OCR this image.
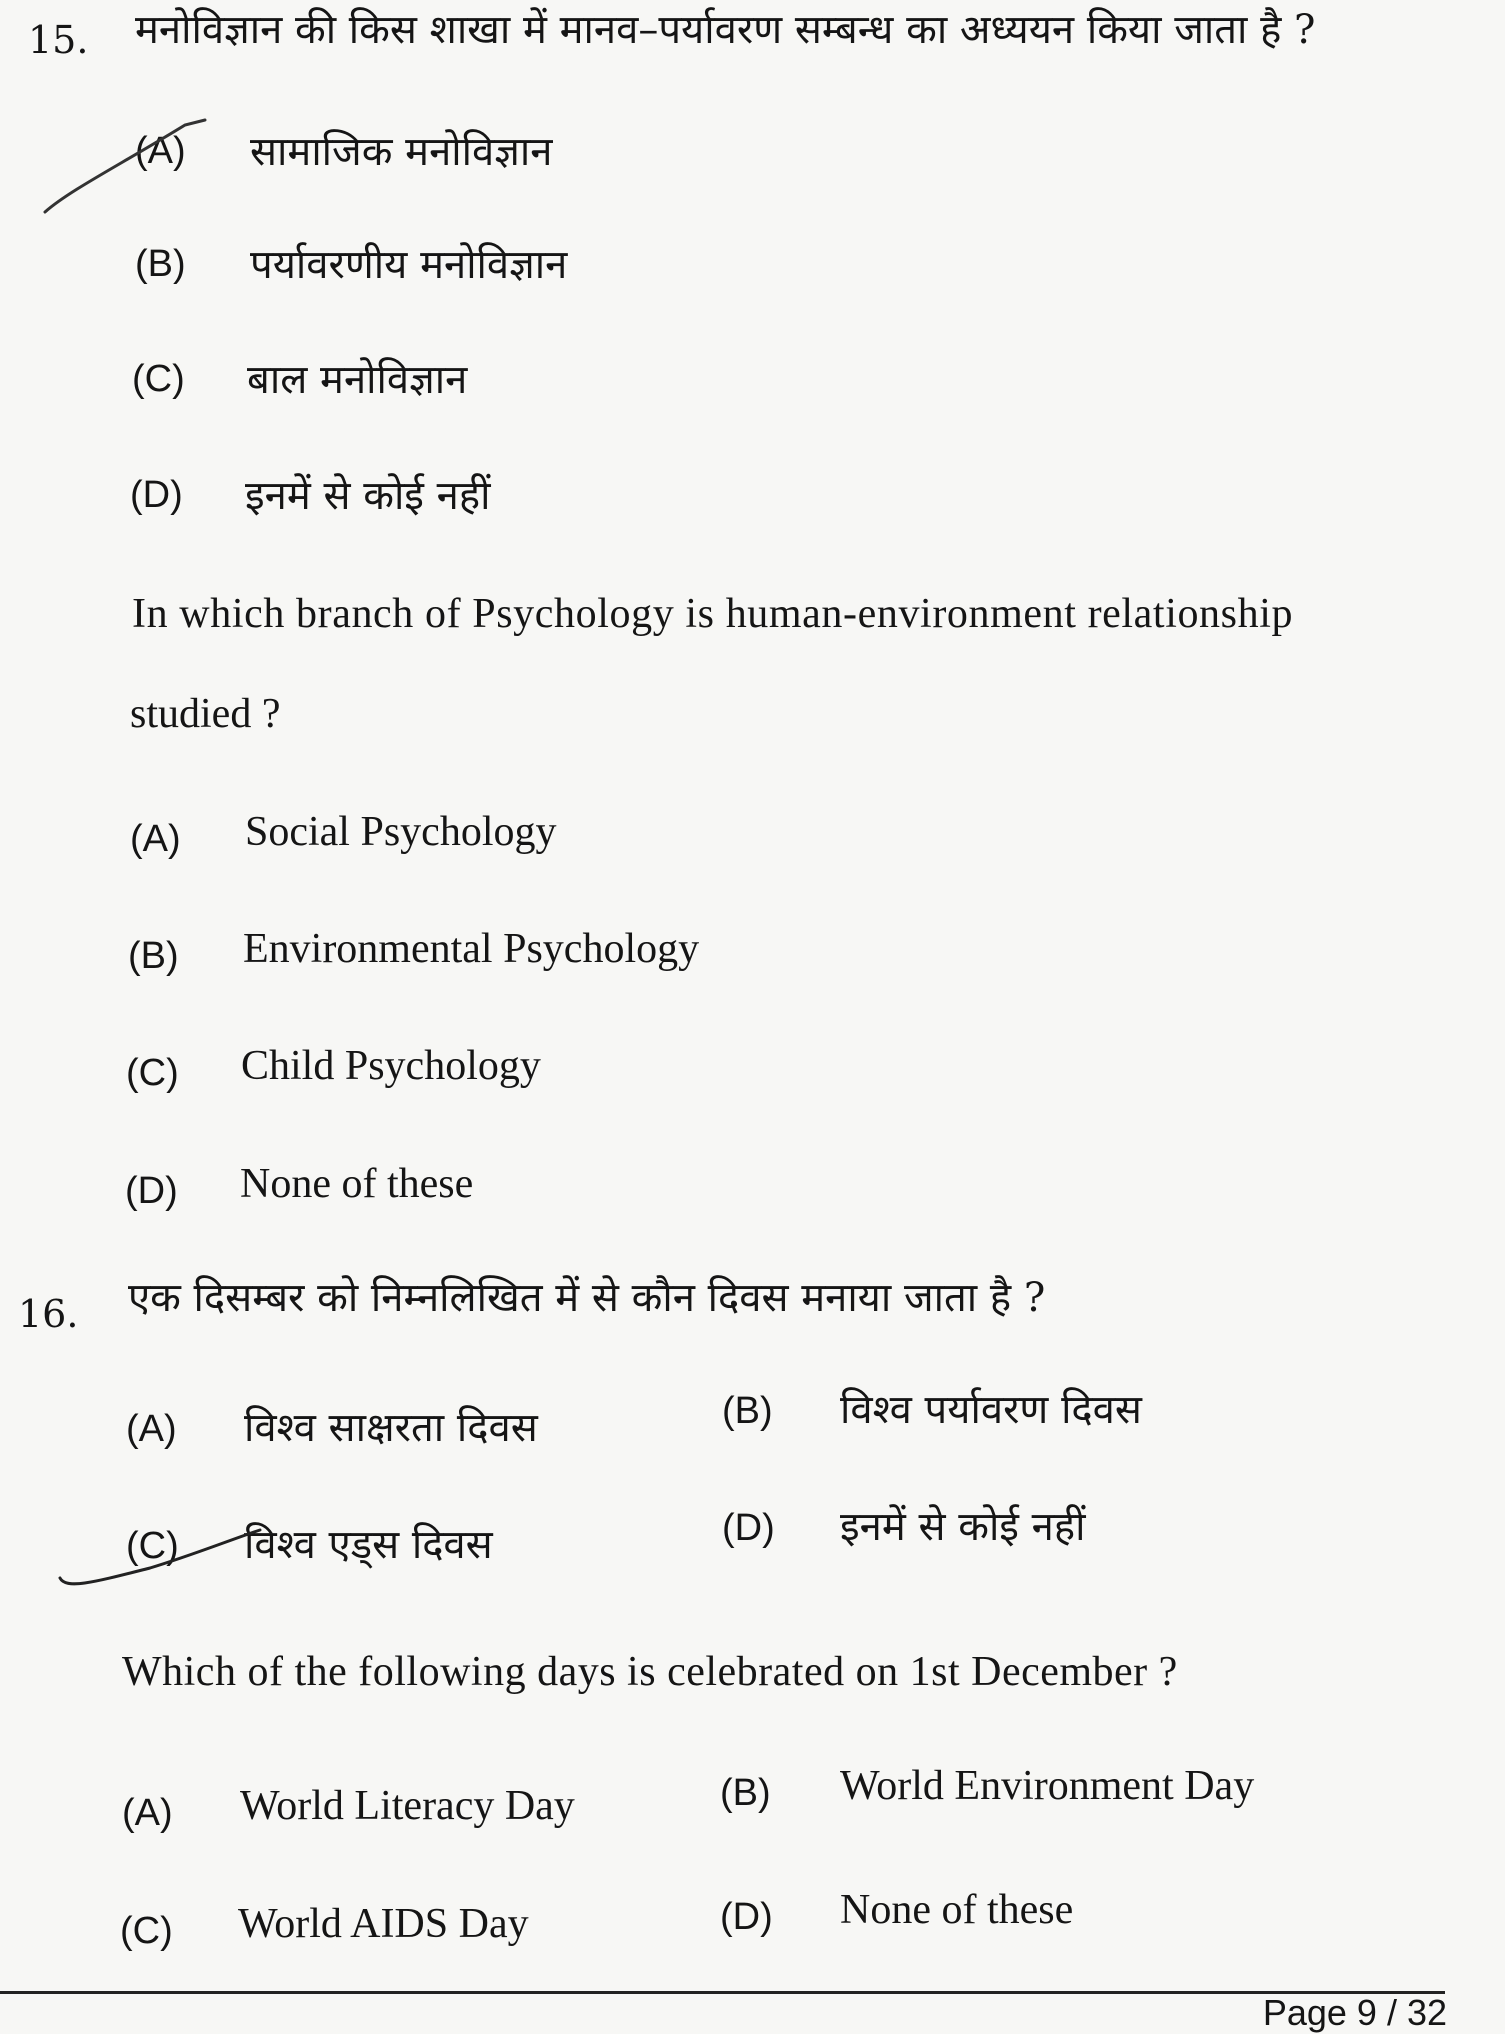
15. मनोविज्ञान की किस शाखा में मानव–पर्यावरण सम्बन्ध का अध्ययन किया जाता है ?
(A) सामाजिक मनोविज्ञान
(B) पर्यावरणीय मनोविज्ञान
(C) बाल मनोविज्ञान
(D) इनमें से कोई नहीं
In which branch of Psychology is human-environment relationship
studied ?
(A) Social Psychology
(B) Environmental Psychology
(C) Child Psychology
(D) None of these
16. एक दिसम्बर को निम्नलिखित में से कौन दिवस मनाया जाता है ?
(A) विश्व साक्षरता दिवस	(B) विश्व पर्यावरण दिवस
(C) विश्व एड्स दिवस	(D) इनमें से कोई नहीं
Which of the following days is celebrated on 1st December ?
(A) World Literacy Day	(B) World Environment Day
(C) World AIDS Day	(D) None of these
Page 9 / 32
